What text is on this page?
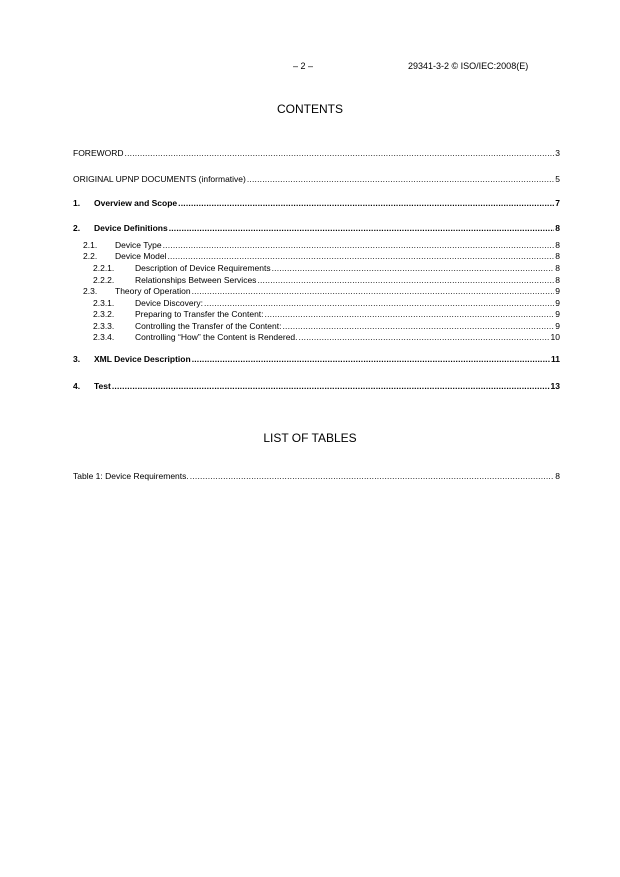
– 2 –	29341-3-2 © ISO/IEC:2008(E)
CONTENTS
FOREWORD .....	3
ORIGINAL UPNP DOCUMENTS (informative) .....	5
1.	Overview and Scope .....	7
2.	Device Definitions .....	8
2.1.	Device Type .....	8
2.2.	Device Model .....	8
2.2.1.	Description of Device Requirements .....	8
2.2.2.	Relationships Between Services .....	8
2.3.	Theory of Operation .....	9
2.3.1.	Device Discovery: .....	9
2.3.2.	Preparing to Transfer the Content: .....	9
2.3.3.	Controlling the Transfer of the Content: .....	9
2.3.4.	Controlling “How” the Content is Rendered. .....	10
3.	XML Device Description .....	11
4.	Test .....	13
Table 1: Device Requirements. .....	8
LIST OF TABLES
